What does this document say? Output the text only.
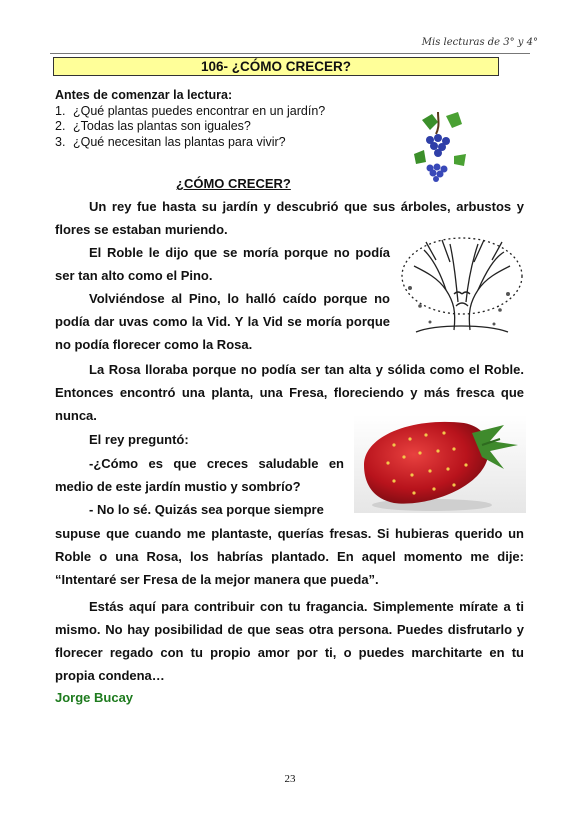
Mis lecturas de 3° y 4°
106- ¿CÓMO CRECER?
Antes de comenzar la lectura:
1. ¿Qué plantas puedes encontrar en un jardín?
2. ¿Todas las plantas son iguales?
3. ¿Qué necesitan las plantas para vivir?
¿CÓMO CRECER?

Un rey fue hasta su jardín y descubrió que sus árboles, arbustos y flores se estaban muriendo.

El Roble le dijo que se moría porque no podía ser tan alto como el Pino.

Volviéndose al Pino, lo halló caído porque no podía dar uvas como la Vid. Y la Vid se moría porque no podía florecer como la Rosa.

La Rosa lloraba porque no podía ser tan alta y sólida como el Roble. Entonces encontró una planta, una Fresa, floreciendo y más fresca que nunca.

El rey preguntó:

-¿Cómo es que creces saludable en medio de este jardín mustio y sombrío?

- No lo sé. Quizás sea porque siempre

supuse que cuando me plantaste, querías fresas. Si hubieras querido un Roble o una Rosa, los habrías plantado. En aquel momento me dije: “Intentaré ser Fresa de la mejor manera que pueda”.

Estás aquí para contribuir con tu fragancia. Simplemente mírate a ti mismo. No hay posibilidad de que seas otra persona. Puedes disfrutarlo y florecer regado con tu propio amor por ti, o puedes marchitarte en tu propia condena…

Jorge Bucay
23
